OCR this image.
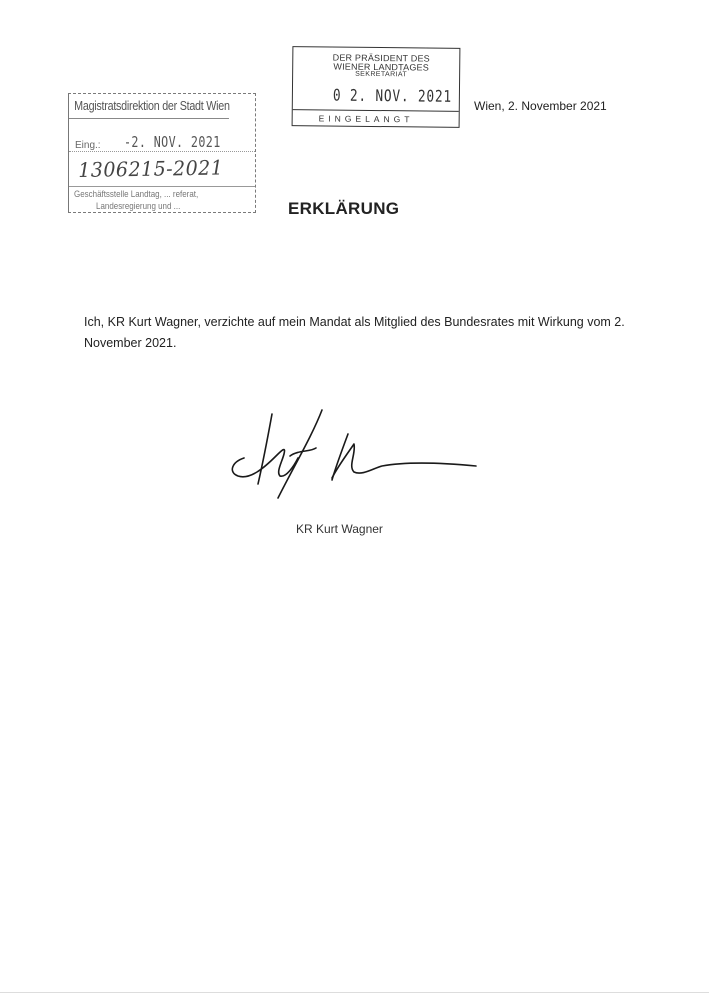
Magistratsdirektion der Stadt Wien
Eing.: -2. NOV. 2021
1306215-2021
Geschäftsstelle Landtag, ... referat,
Landesregierung und ...
DER PRÄSIDENT DES
WIENER LANDTAGES
SEKRETARIAT
0 2. NOV. 2021
EINGELANGT
Wien, 2. November 2021
ERKLÄRUNG
Ich, KR Kurt Wagner, verzichte auf mein Mandat als Mitglied des Bundesrates mit Wirkung vom 2. November 2021.
KR Kurt Wagner
